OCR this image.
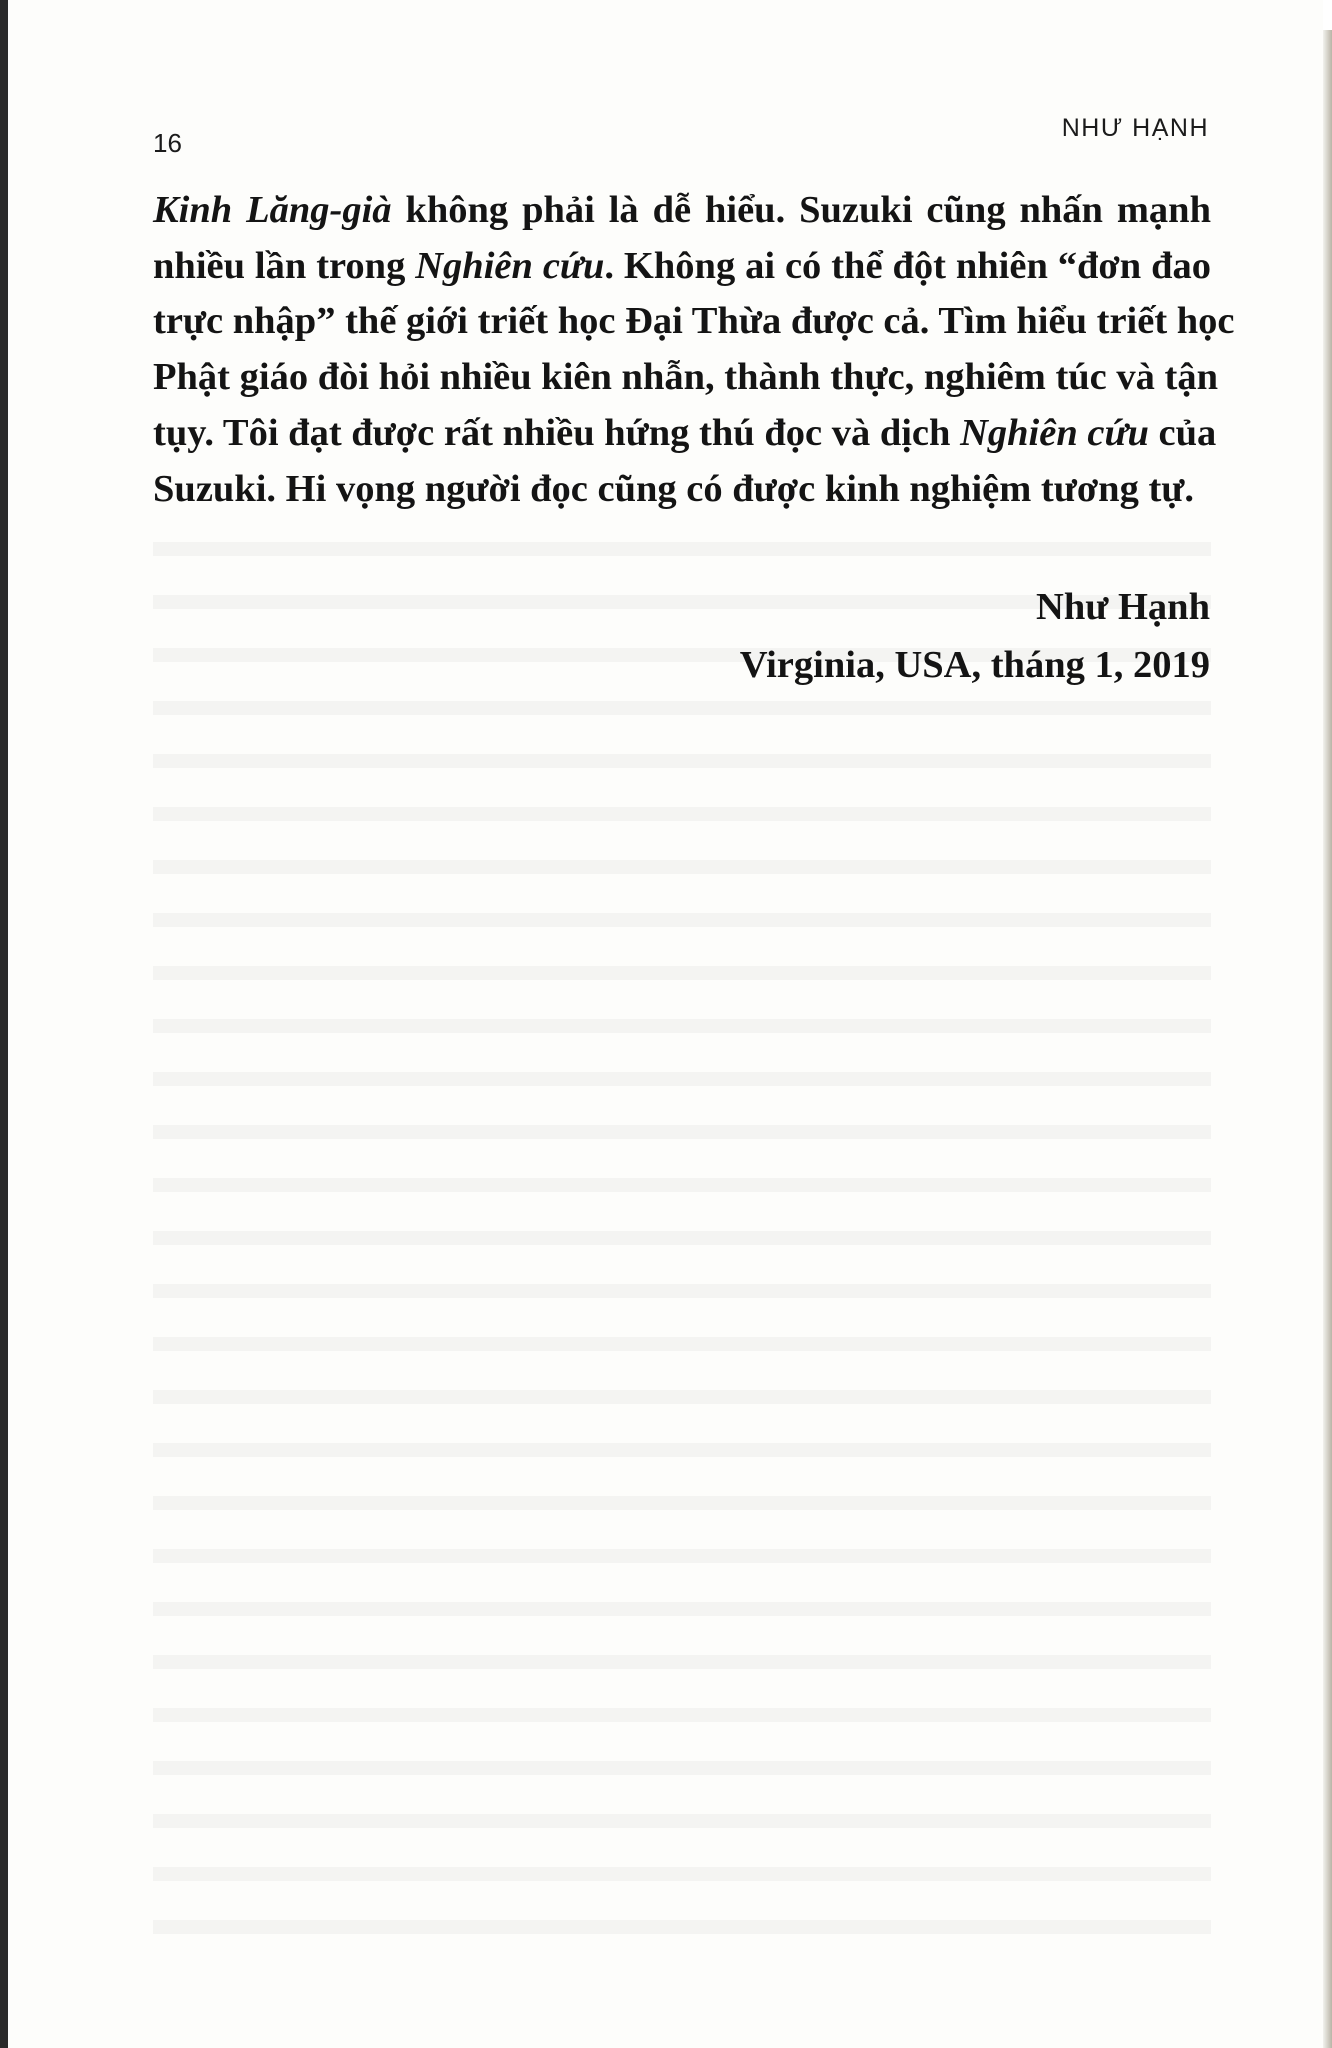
16	NHƯ HẠNH

Kinh Lăng-già không phải là dễ hiểu. Suzuki cũng nhấn mạnh
nhiều lần trong Nghiên cứu. Không ai có thể đột nhiên “đơn đao
trực nhập” thế giới triết học Đại Thừa được cả. Tìm hiểu triết học
Phật giáo đòi hỏi nhiều kiên nhẫn, thành thực, nghiêm túc và tận
tụy. Tôi đạt được rất nhiều hứng thú đọc và dịch Nghiên cứu của
Suzuki. Hi vọng người đọc cũng có được kinh nghiệm tương tự.

Như Hạnh
Virginia, USA, tháng 1, 2019
